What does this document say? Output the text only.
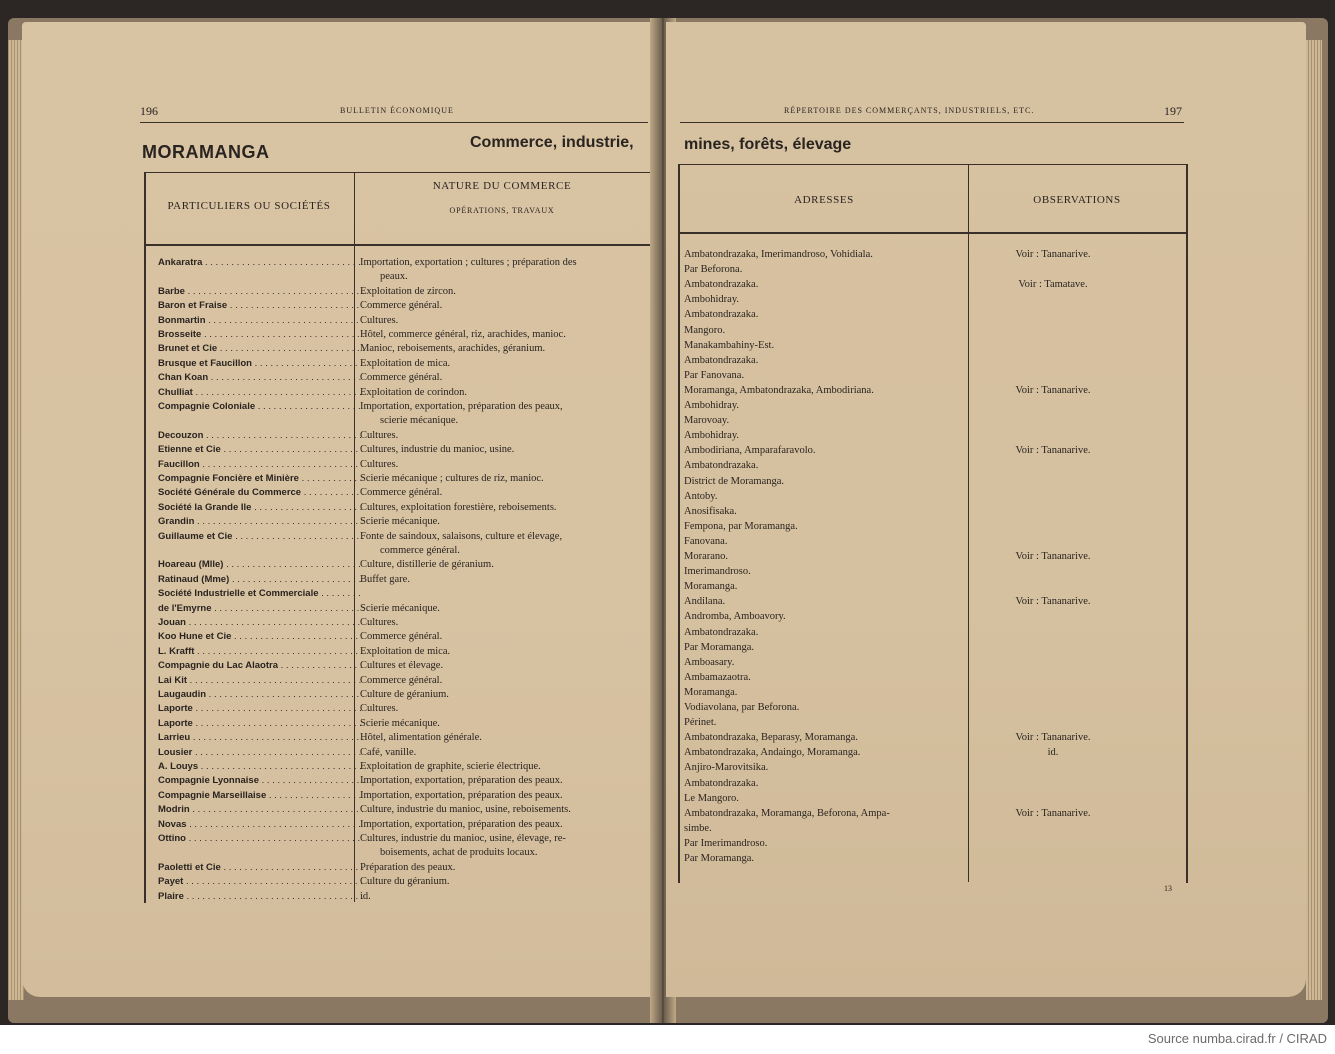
196	BULLETIN ÉCONOMIQUE
MORAMANGA	Commerce, industrie,
PARTICULIERS OU SOCIÉTÉS
NATURE DU COMMERCE
OPÉRATIONS, TRAVAUX
Ankaratra . . .	Importation, exportation ; cultures ; préparation des
peaux.
Barbe . . .	Exploitation de zircon.
Baron et Fraise . . .	Commerce général.
Bonmartin . . .	Cultures.
Brosseite . . .	Hôtel, commerce général, riz, arachides, manioc.
Brunet et Cie . . .	Manioc, reboisements, arachides, géranium.
Brusque et Faucillon . . .	Exploitation de mica.
Chan Koan . . .	Commerce général.
Chulliat . . .	Exploitation de corindon.
Compagnie Coloniale . . .	Importation, exportation, préparation des peaux,
scierie mécanique.
Decouzon . . .	Cultures.
Etienne et Cie . . .	Cultures, industrie du manioc, usine.
Faucillon . . .	Cultures.
Compagnie Foncière et Minière . . .	Scierie mécanique ; cultures de riz, manioc.
Société Générale du Commerce . . .	Commerce général.
Société la Grande Ile . . .	Cultures, exploitation forestière, reboisements.
Grandin . . .	Scierie mécanique.
Guillaume et Cie . . .	Fonte de saindoux, salaisons, culture et élevage,
commerce général.
Hoareau (Mlle) . . .	Culture, distillerie de géranium.
Ratinaud (Mme) . . .	Buffet gare.
Société Industrielle et Commerciale . . .
de l'Emyrne . . .	Scierie mécanique.
Jouan . . .	Cultures.
Koo Hune et Cie . . .	Commerce général.
L. Krafft . . .	Exploitation de mica.
Compagnie du Lac Alaotra . . .	Cultures et élevage.
Lai Kit . . .	Commerce général.
Laugaudin . . .	Culture de géranium.
Laporte . . .	Cultures.
Laporte . . .	Scierie mécanique.
Larrieu . . .	Hôtel, alimentation générale.
Lousier . . .	Café, vanille.
A. Louys . . .	Exploitation de graphite, scierie électrique.
Compagnie Lyonnaise . . .	Importation, exportation, préparation des peaux.
Compagnie Marseillaise . . .	Importation, exportation, préparation des peaux.
Modrin . . .	Culture, industrie du manioc, usine, reboisements.
Novas . . .	Importation, exportation, préparation des peaux.
Ottino . . .	Cultures, industrie du manioc, usine, élevage, re-
boisements, achat de produits locaux.
Paoletti et Cie . . .	Préparation des peaux.
Payet . . .	Culture du géranium.
Plaire . . .	id.
RÉPERTOIRE DES COMMERÇANTS, INDUSTRIELS, ETC.	197
mines, forêts, élevage
ADRESSES	OBSERVATIONS
13
Ambatondrazaka, Imerimandroso, Vohidiala.	Voir : Tananarive.
Par Beforona.
Ambatondrazaka.	Voir : Tamatave.
Ambohidray.
Ambatondrazaka.
Mangoro.
Manakambahiny-Est.
Ambatondrazaka.
Par Fanovana.
Moramanga, Ambatondrazaka, Ambodiriana.	Voir : Tananarive.
Ambohidray.
Marovoay.
Ambohidray.
Ambodiriana, Amparafaravolo.	Voir : Tananarive.
Ambatondrazaka.
District de Moramanga.
Antoby.
Anosifisaka.
Fempona, par Moramanga.
Fanovana.
Morarano.	Voir : Tananarive.
Imerimandroso.
Moramanga.
Andilana.	Voir : Tananarive.
Andromba, Amboavory.
Ambatondrazaka.
Par Moramanga.
Amboasary.
Ambamazaotra.
Moramanga.
Vodiavolana, par Beforona.
Périnet.
Ambatondrazaka, Beparasy, Moramanga.	Voir : Tananarive.
Ambatondrazaka, Andaingo, Moramanga.	id.
Anjiro-Marovitsika.
Ambatondrazaka.
Le Mangoro.
Ambatondrazaka, Moramanga, Beforona, Ampa-	Voir : Tananarive.
simbe.
Par Imerimandroso.
Par Moramanga.
Source numba.cirad.fr / CIRAD
